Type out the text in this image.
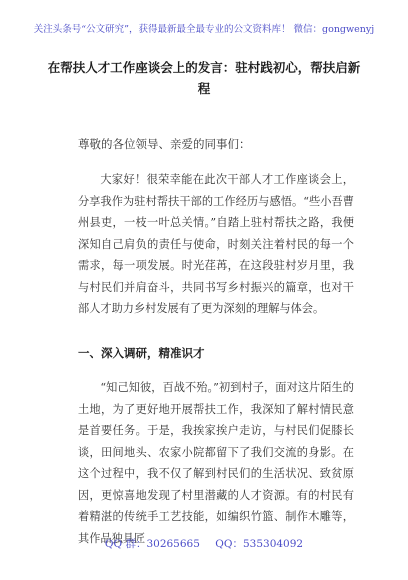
关注头条号“公文研究”，获得最新最全最专业的公文资料库！ 微信：gongwenyj
在帮扶人才工作座谈会上的发言：驻村践初心，帮扶启新程
尊敬的各位领导、亲爱的同事们：
大家好！很荣幸能在此次干部人才工作座谈会上，分享我作为驻村帮扶干部的工作经历与感悟。“些小吾曹州县吏，一枝一叶总关情。”自踏上驻村帮扶之路，我便深知自己肩负的责任与使命，时刻关注着村民的每一个需求，每一项发展。时光荏苒，在这段驻村岁月里，我与村民们并肩奋斗，共同书写乡村振兴的篇章，也对干部人才助力乡村发展有了更为深刻的理解与体会。
一、深入调研，精准识才
“知己知彼，百战不殆。”初到村子，面对这片陌生的土地，为了更好地开展帮扶工作，我深知了解村情民意是首要任务。于是，我挨家挨户走访，与村民们促膝长谈，田间地头、农家小院都留下了我们交流的身影。在这个过程中，我不仅了解到村民们的生活状况、致贫原因，更惊喜地发现了村里潜藏的人才资源。有的村民有着精湛的传统手工艺技能，如编织竹篮、制作木雕等，其作品独具匠
QQ 群：30265665 QQ：535304092
